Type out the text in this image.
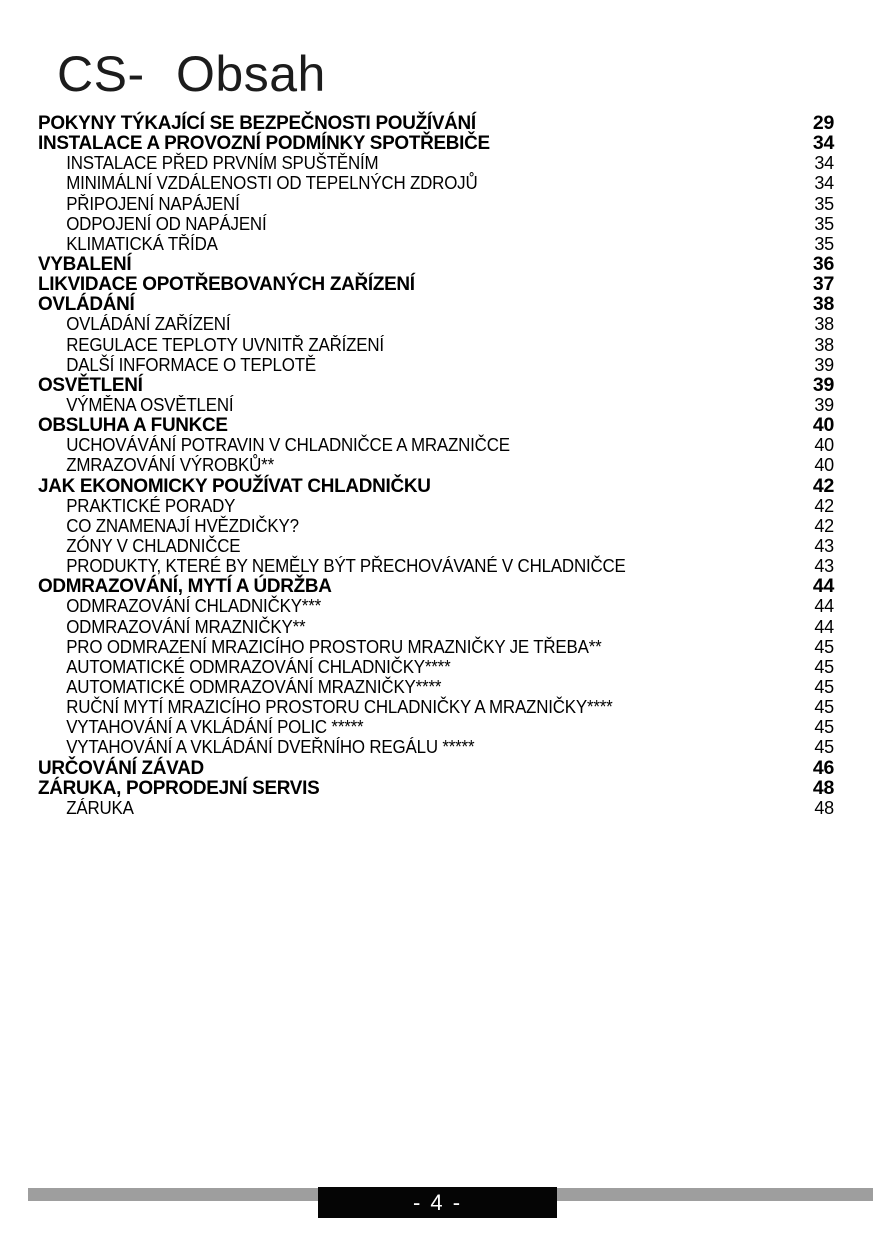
CS- Obsah
POKYNY TÝKAJÍCÍ SE BEZPEČNOSTI POUŽÍVÁNÍ	29
INSTALACE A PROVOZNÍ PODMÍNKY SPOTŘEBIČE	34
INSTALACE PŘED PRVNÍM SPUŠTĚNÍM	34
MINIMÁLNÍ VZDÁLENOSTI OD TEPELNÝCH ZDROJŮ	34
PŘIPOJENÍ NAPÁJENÍ	35
ODPOJENÍ OD NAPÁJENÍ	35
KLIMATICKÁ TŘÍDA	35
VYBALENÍ	36
LIKVIDACE OPOTŘEBOVANÝCH ZAŘÍZENÍ	37
OVLÁDÁNÍ	38
OVLÁDÁNÍ ZAŘÍZENÍ	38
REGULACE TEPLOTY UVNITŘ ZAŘÍZENÍ	38
DALŠÍ INFORMACE O TEPLOTĚ	39
OSVĚTLENÍ	39
VÝMĚNA OSVĚTLENÍ	39
OBSLUHA A FUNKCE	40
UCHOVÁVÁNÍ POTRAVIN V CHLADNIČCE A MRAZNIČCE	40
ZMRAZOVÁNÍ VÝROBKŮ**	40
JAK EKONOMICKY POUŽÍVAT CHLADNIČKU	42
PRAKTICKÉ PORADY	42
CO ZNAMENAJÍ HVĚZDIČKY?	42
ZÓNY V CHLADNIČCE	43
PRODUKTY, KTERÉ BY NEMĚLY BÝT PŘECHOVÁVANÉ V CHLADNIČCE	43
ODMRAZOVÁNÍ, MYTÍ A ÚDRŽBA	44
ODMRAZOVÁNÍ CHLADNIČKY***	44
ODMRAZOVÁNÍ MRAZNIČKY**	44
PRO ODMRAZENÍ MRAZICÍHO PROSTORU MRAZNIČKY JE TŘEBA**	45
AUTOMATICKÉ ODMRAZOVÁNÍ CHLADNIČKY****	45
AUTOMATICKÉ ODMRAZOVÁNÍ MRAZNIČKY****	45
RUČNÍ MYTÍ MRAZICÍHO PROSTORU CHLADNIČKY A MRAZNIČKY****	45
VYTAHOVÁNÍ A VKLÁDÁNÍ POLIC *****	45
VYTAHOVÁNÍ A VKLÁDÁNÍ DVEŘNÍHO REGÁLU *****	45
URČOVÁNÍ ZÁVAD	46
ZÁRUKA, POPRODEJNÍ SERVIS	48
ZÁRUKA	48
- 4 -
